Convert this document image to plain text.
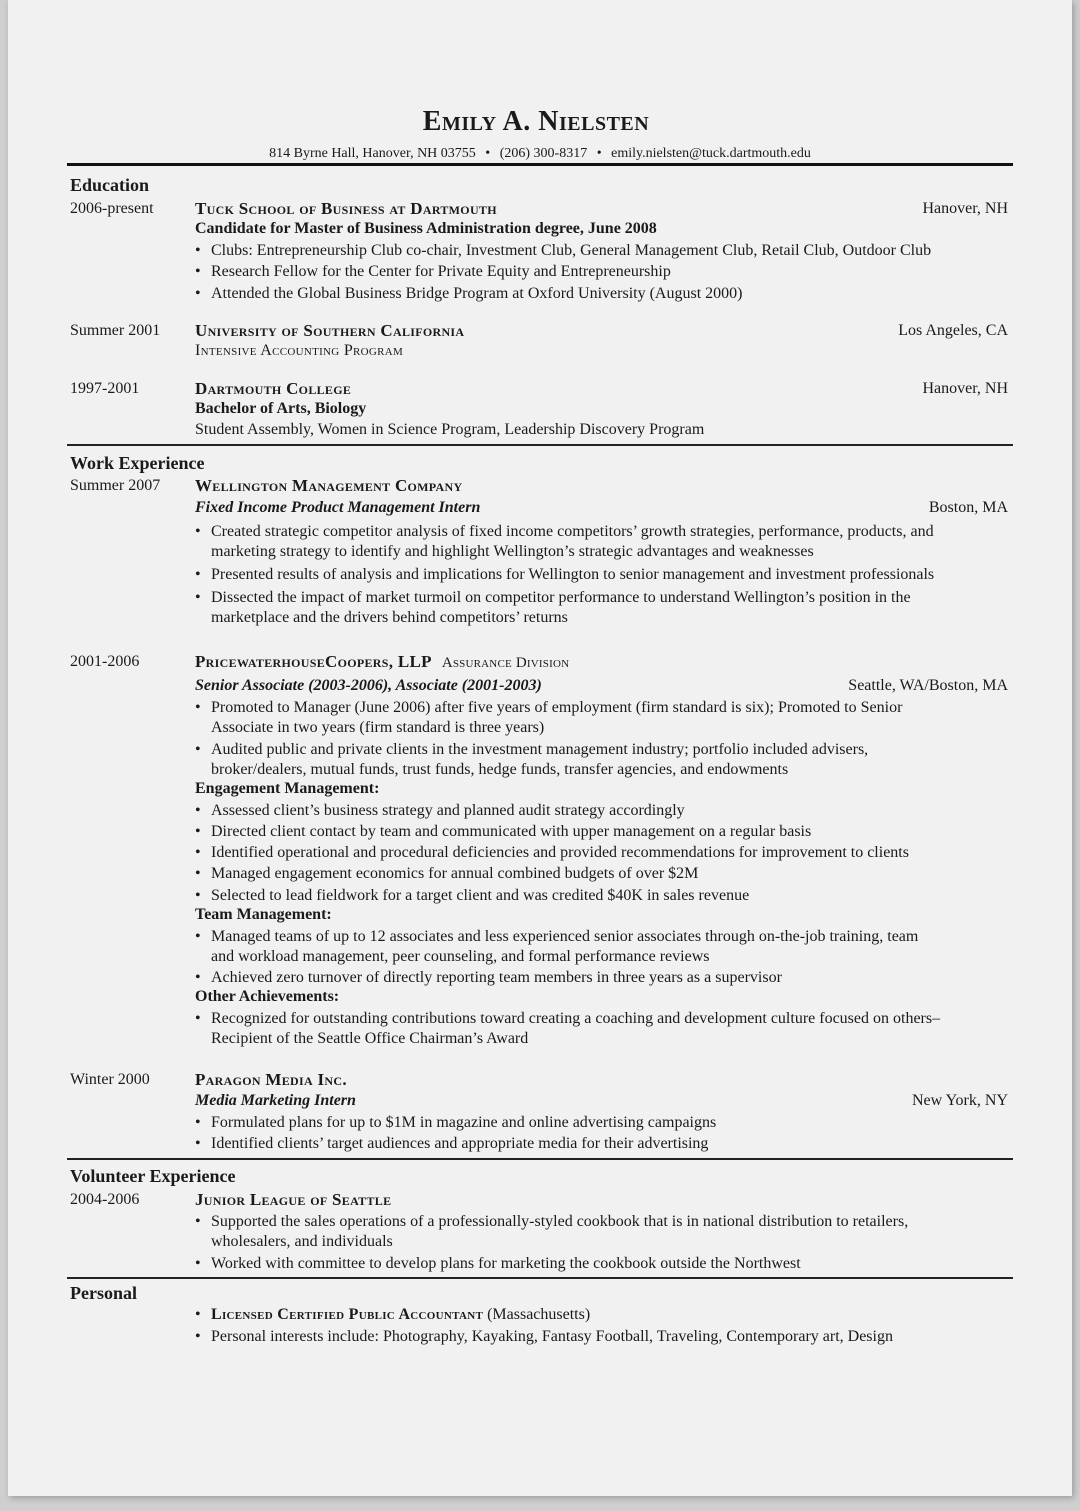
Emily A. Nielsten
814 Byrne Hall, Hanover, NH 03755 • (206) 300-8317 • emily.nielsten@tuck.dartmouth.edu
Education
2006-present Tuck School of Business at Dartmouth	Hanover, NH
Candidate for Master of Business Administration degree, June 2008
• Clubs: Entrepreneurship Club co-chair, Investment Club, General Management Club, Retail Club, Outdoor Club
• Research Fellow for the Center for Private Equity and Entrepreneurship
• Attended the Global Business Bridge Program at Oxford University (August 2000)
Summer 2001 University of Southern California	Los Angeles, CA
Intensive Accounting Program
1997-2001	Dartmouth College	Hanover, NH
Bachelor of Arts, Biology
Student Assembly, Women in Science Program, Leadership Discovery Program
Work Experience
Summer 2007 Wellington Management Company
Fixed Income Product Management Intern	Boston, MA
• Created strategic competitor analysis of fixed income competitors’ growth strategies, performance, products, and
marketing strategy to identify and highlight Wellington’s strategic advantages and weaknesses
• Presented results of analysis and implications for Wellington to senior management and investment professionals
• Dissected the impact of market turmoil on competitor performance to understand Wellington’s position in the
marketplace and the drivers behind competitors’ returns
2001-2006	PricewaterhouseCoopers, LLP Assurance Division
Senior Associate (2003-2006), Associate (2001-2003)	Seattle, WA/Boston, MA
• Promoted to Manager (June 2006) after five years of employment (firm standard is six); Promoted to Senior
Associate in two years (firm standard is three years)
• Audited public and private clients in the investment management industry; portfolio included advisers,
broker/dealers, mutual funds, trust funds, hedge funds, transfer agencies, and endowments
Engagement Management:
• Assessed client’s business strategy and planned audit strategy accordingly
• Directed client contact by team and communicated with upper management on a regular basis
• Identified operational and procedural deficiencies and provided recommendations for improvement to clients
• Managed engagement economics for annual combined budgets of over $2M
• Selected to lead fieldwork for a target client and was credited $40K in sales revenue
Team Management:
• Managed teams of up to 12 associates and less experienced senior associates through on-the-job training, team
and workload management, peer counseling, and formal performance reviews
• Achieved zero turnover of directly reporting team members in three years as a supervisor
Other Achievements:
• Recognized for outstanding contributions toward creating a coaching and development culture focused on others–
Recipient of the Seattle Office Chairman’s Award
Winter 2000	Paragon Media Inc.
Media Marketing Intern	New York, NY
• Formulated plans for up to $1M in magazine and online advertising campaigns
• Identified clients’ target audiences and appropriate media for their advertising
Volunteer Experience
2004-2006	Junior League of Seattle
• Supported the sales operations of a professionally-styled cookbook that is in national distribution to retailers,
wholesalers, and individuals
• Worked with committee to develop plans for marketing the cookbook outside the Northwest
Personal
• Licensed Certified Public Accountant (Massachusetts)
• Personal interests include: Photography, Kayaking, Fantasy Football, Traveling, Contemporary art, Design
